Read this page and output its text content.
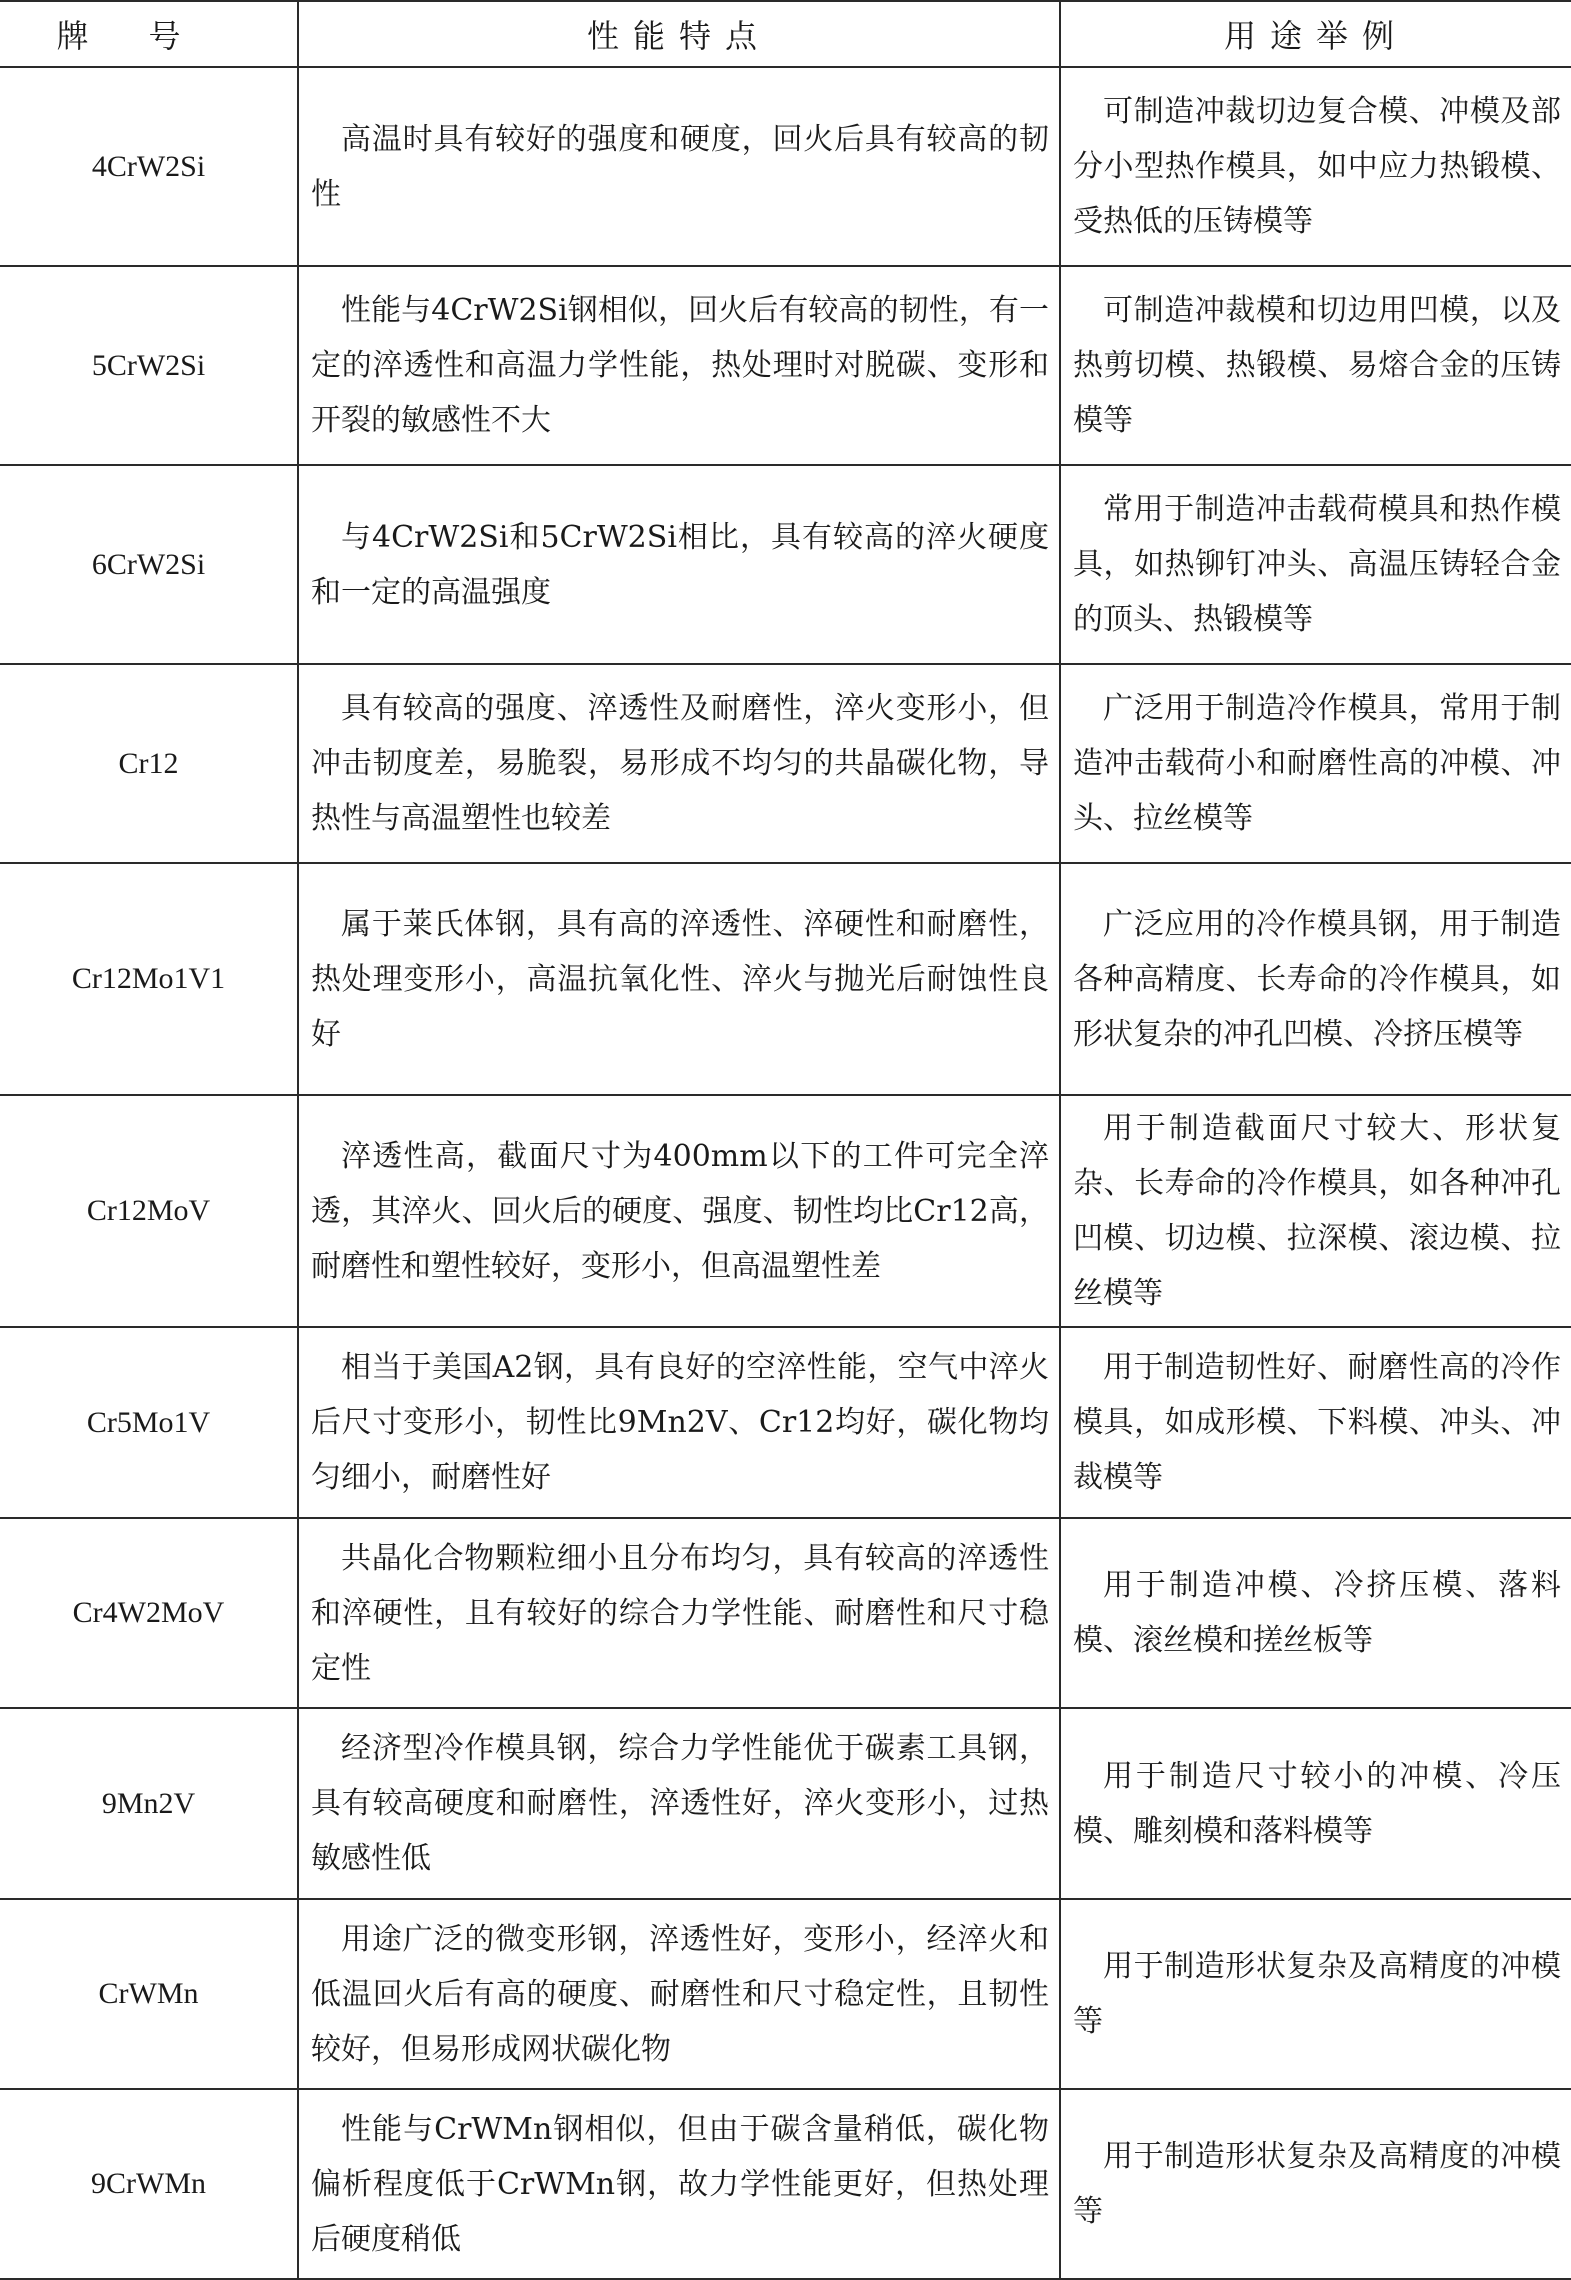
牌号	性能特点	用途举例
4CrW2Si	高温时具有较好的强度和硬度，回火后具有较高的韧性	可制造冲裁切边复合模、冲模及部分小型热作模具，如中应力热锻模、受热低的压铸模等
5CrW2Si	性能与4CrW2Si钢相似，回火后有较高的韧性，有一定的淬透性和高温力学性能，热处理时对脱碳、变形和开裂的敏感性不大	可制造冲裁模和切边用凹模，以及热剪切模、热锻模、易熔合金的压铸模等
6CrW2Si	与4CrW2Si和5CrW2Si相比，具有较高的淬火硬度和一定的高温强度	常用于制造冲击载荷模具和热作模具，如热铆钉冲头、高温压铸轻合金的顶头、热锻模等
Cr12	具有较高的强度、淬透性及耐磨性，淬火变形小，但冲击韧度差，易脆裂，易形成不均匀的共晶碳化物，导热性与高温塑性也较差	广泛用于制造冷作模具，常用于制造冲击载荷小和耐磨性高的冲模、冲头、拉丝模等
Cr12Mo1V1	属于莱氏体钢，具有高的淬透性、淬硬性和耐磨性，热处理变形小，高温抗氧化性、淬火与抛光后耐蚀性良好	广泛应用的冷作模具钢，用于制造各种高精度、长寿命的冷作模具，如形状复杂的冲孔凹模、冷挤压模等
Cr12MoV	淬透性高，截面尺寸为400mm以下的工件可完全淬透，其淬火、回火后的硬度、强度、韧性均比Cr12高，耐磨性和塑性较好，变形小，但高温塑性差	用于制造截面尺寸较大、形状复杂、长寿命的冷作模具，如各种冲孔凹模、切边模、拉深模、滚边模、拉丝模等
Cr5Mo1V	相当于美国A2钢，具有良好的空淬性能，空气中淬火后尺寸变形小，韧性比9Mn2V、Cr12均好，碳化物均匀细小，耐磨性好	用于制造韧性好、耐磨性高的冷作模具，如成形模、下料模、冲头、冲裁模等
Cr4W2MoV	共晶化合物颗粒细小且分布均匀，具有较高的淬透性和淬硬性，且有较好的综合力学性能、耐磨性和尺寸稳定性	用于制造冲模、冷挤压模、落料模、滚丝模和搓丝板等
9Mn2V	经济型冷作模具钢，综合力学性能优于碳素工具钢，具有较高硬度和耐磨性，淬透性好，淬火变形小，过热敏感性低	用于制造尺寸较小的冲模、冷压模、雕刻模和落料模等
CrWMn	用途广泛的微变形钢，淬透性好，变形小，经淬火和低温回火后有高的硬度、耐磨性和尺寸稳定性，且韧性较好，但易形成网状碳化物	用于制造形状复杂及高精度的冲模等
9CrWMn	性能与CrWMn钢相似，但由于碳含量稍低，碳化物偏析程度低于CrWMn钢，故力学性能更好，但热处理后硬度稍低	用于制造形状复杂及高精度的冲模等
